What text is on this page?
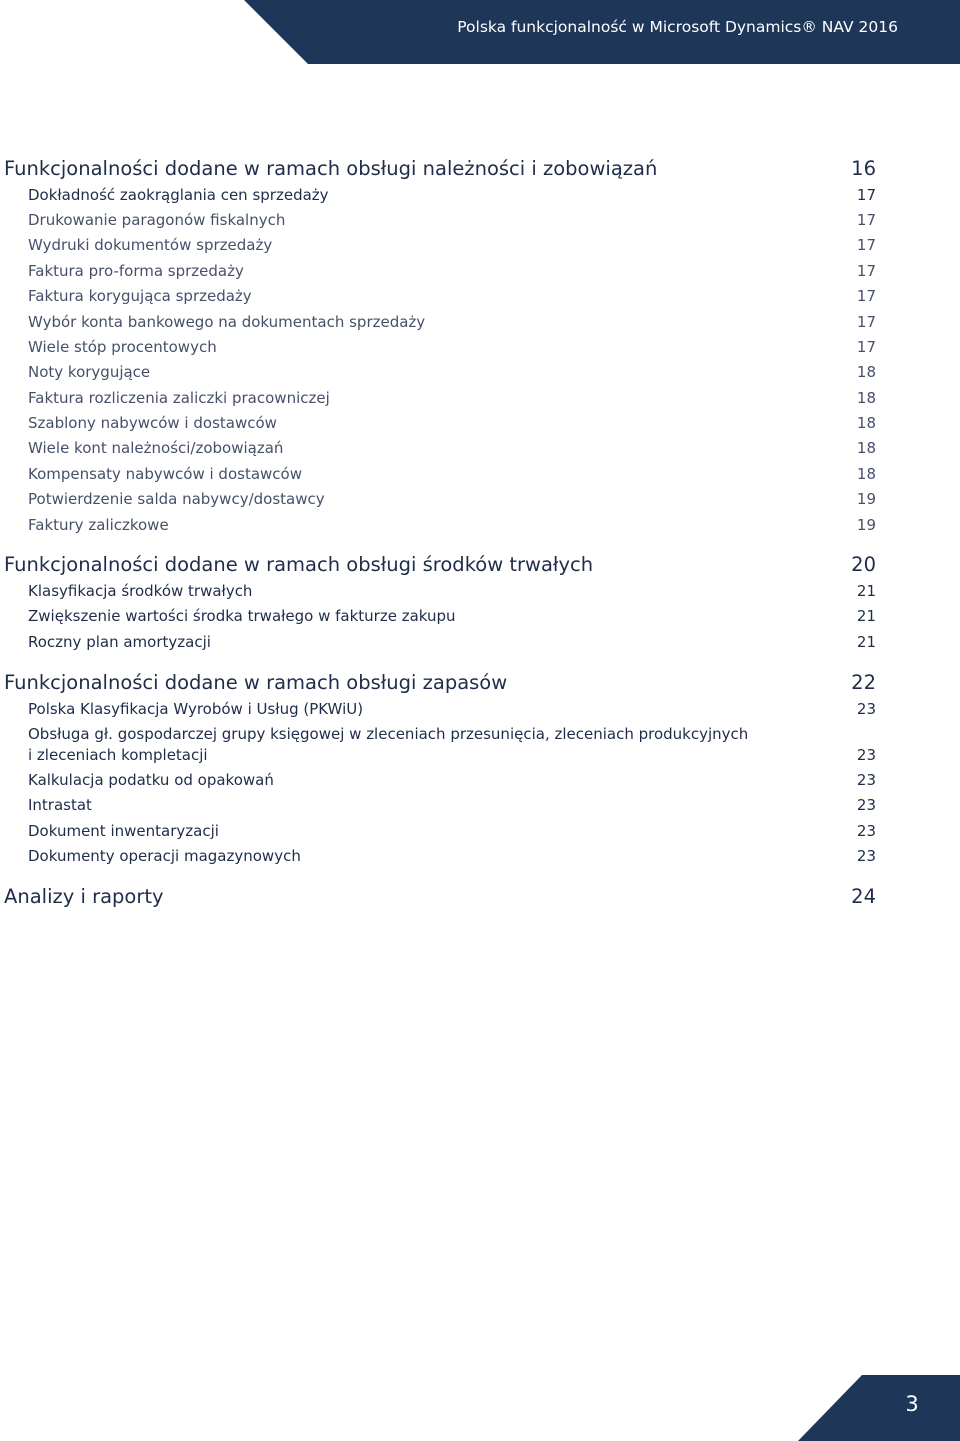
Polska funkcjonalność w Microsoft Dynamics® NAV 2016
Funkcjonalności dodane w ramach obsługi należności i zobowiązań	16
Dokładność zaokrąglania cen sprzedaży	17
Drukowanie paragonów fiskalnych	17
Wydruki dokumentów sprzedaży	17
Faktura pro-forma sprzedaży	17
Faktura korygująca sprzedaży	17
Wybór konta bankowego na dokumentach sprzedaży	17
Wiele stóp procentowych	17
Noty korygujące	18
Faktura rozliczenia zaliczki pracowniczej	18
Szablony nabywców i dostawców	18
Wiele kont należności/zobowiązań	18
Kompensaty nabywców i dostawców	18
Potwierdzenie salda nabywcy/dostawcy	19
Faktury zaliczkowe	19
Funkcjonalności dodane w ramach obsługi środków trwałych	20
Klasyfikacja środków trwałych	21
Zwiększenie wartości środka trwałego w fakturze zakupu	21
Roczny plan amortyzacji	21
Funkcjonalności dodane w ramach obsługi zapasów	22
Polska Klasyfikacja Wyrobów i Usług (PKWiU)	23
Obsługa gł. gospodarczej grupy księgowej w zleceniach przesunięcia, zleceniach produkcyjnych
i zleceniach kompletacji	23
Kalkulacja podatku od opakowań	23
Intrastat	23
Dokument inwentaryzacji	23
Dokumenty operacji magazynowych	23
Analizy i raporty	24
3
